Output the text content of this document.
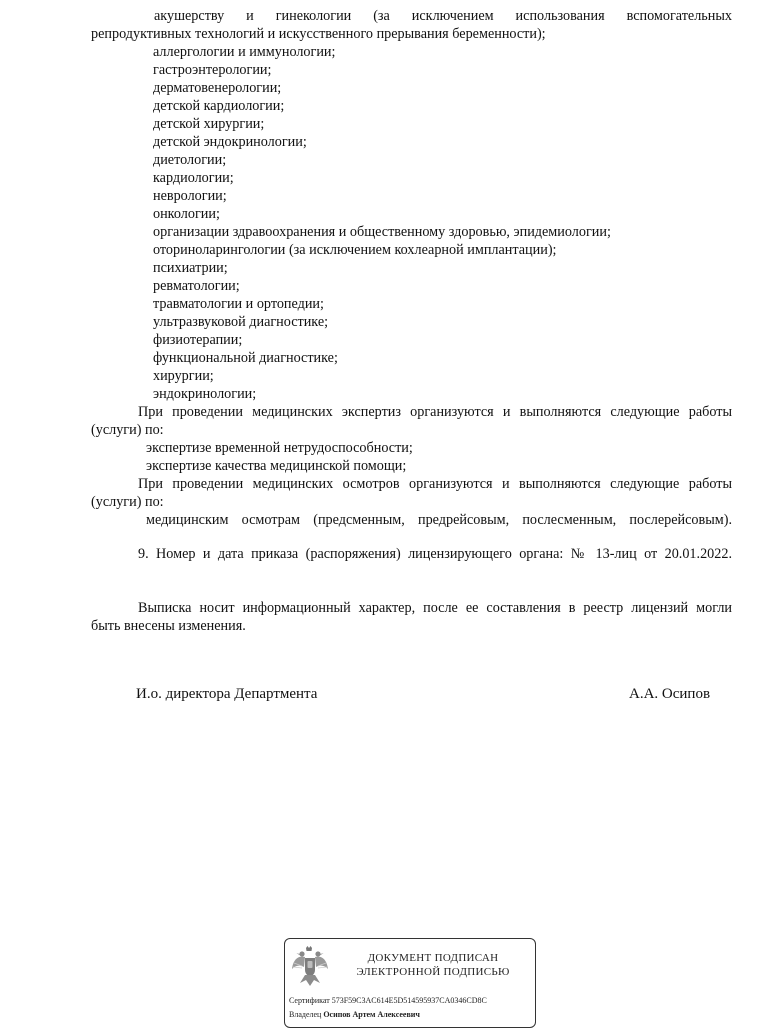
акушерству и гинекологии (за исключением использования вспомогательных
репродуктивных технологий и искусственного прерывания беременности);
аллергологии и иммунологии;
гастроэнтерологии;
дерматовенерологии;
детской кардиологии;
детской хирургии;
детской эндокринологии;
диетологии;
кардиологии;
неврологии;
онкологии;
организации здравоохранения и общественному здоровью, эпидемиологии;
оториноларингологии (за исключением кохлеарной имплантации);
психиатрии;
ревматологии;
травматологии и ортопедии;
ультразвуковой диагностике;
физиотерапии;
функциональной диагностике;
хирургии;
эндокринологии;
При проведении медицинских экспертиз организуются и выполняются следующие работы
(услуги) по:
экспертизе временной нетрудоспособности;
экспертизе качества медицинской помощи;
При проведении медицинских осмотров организуются и выполняются следующие работы
(услуги) по:
медицинским осмотрам (предсменным, предрейсовым, послесменным, послерейсовым).
9. Номер и дата приказа (распоряжения) лицензирующего органа: № 13-лиц от 20.01.2022.
Выписка носит информационный характер, после ее составления в реестр лицензий могли
быть внесены изменения.
И.о. директора Департмента	А.А. Осипов
ДОКУМЕНТ ПОДПИСАН
ЭЛЕКТРОННОЙ ПОДПИСЬЮ
Сертификат 573F59C3AC614E5D514595937CA0346CD8C
Владелец Осипов Артем Алексеевич
